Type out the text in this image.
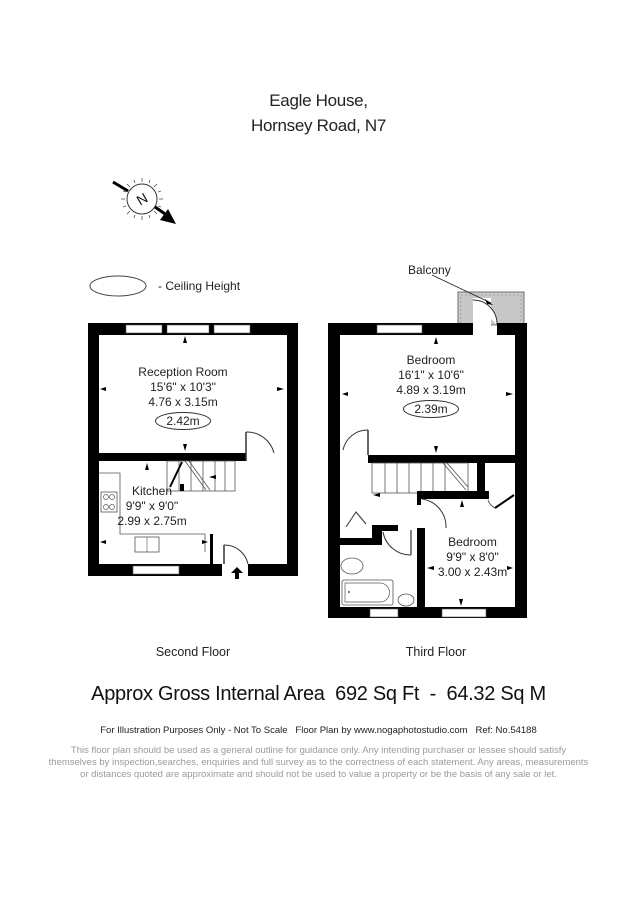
Eagle House,
Hornsey Road, N7
N
- Ceiling Height
Balcony
Reception Room
15'6" x 10'3"
4.76 x 3.15m
2.42m
Kitchen
9'9" x 9'0"
2.99 x 2.75m
Bedroom
16'1" x 10'6"
4.89 x 3.19m
2.39m
Bedroom
9'9" x 8'0"
3.00 x 2.43m
Second Floor	Third Floor
Approx Gross Internal Area  692 Sq Ft  -  64.32 Sq M
For Illustration Purposes Only - Not To Scale   Floor Plan by www.nogaphotostudio.com   Ref: No.54188
This floor plan should be used as a general outline for guidance only. Any intending purchaser or lessee should satisfy
themselves by inspection,searches, enquiries and full survey as to the correctness of each statement. Any areas, measurements
or distances quoted are approximate and should not be used to value a property or be the basis of any sale or let.
